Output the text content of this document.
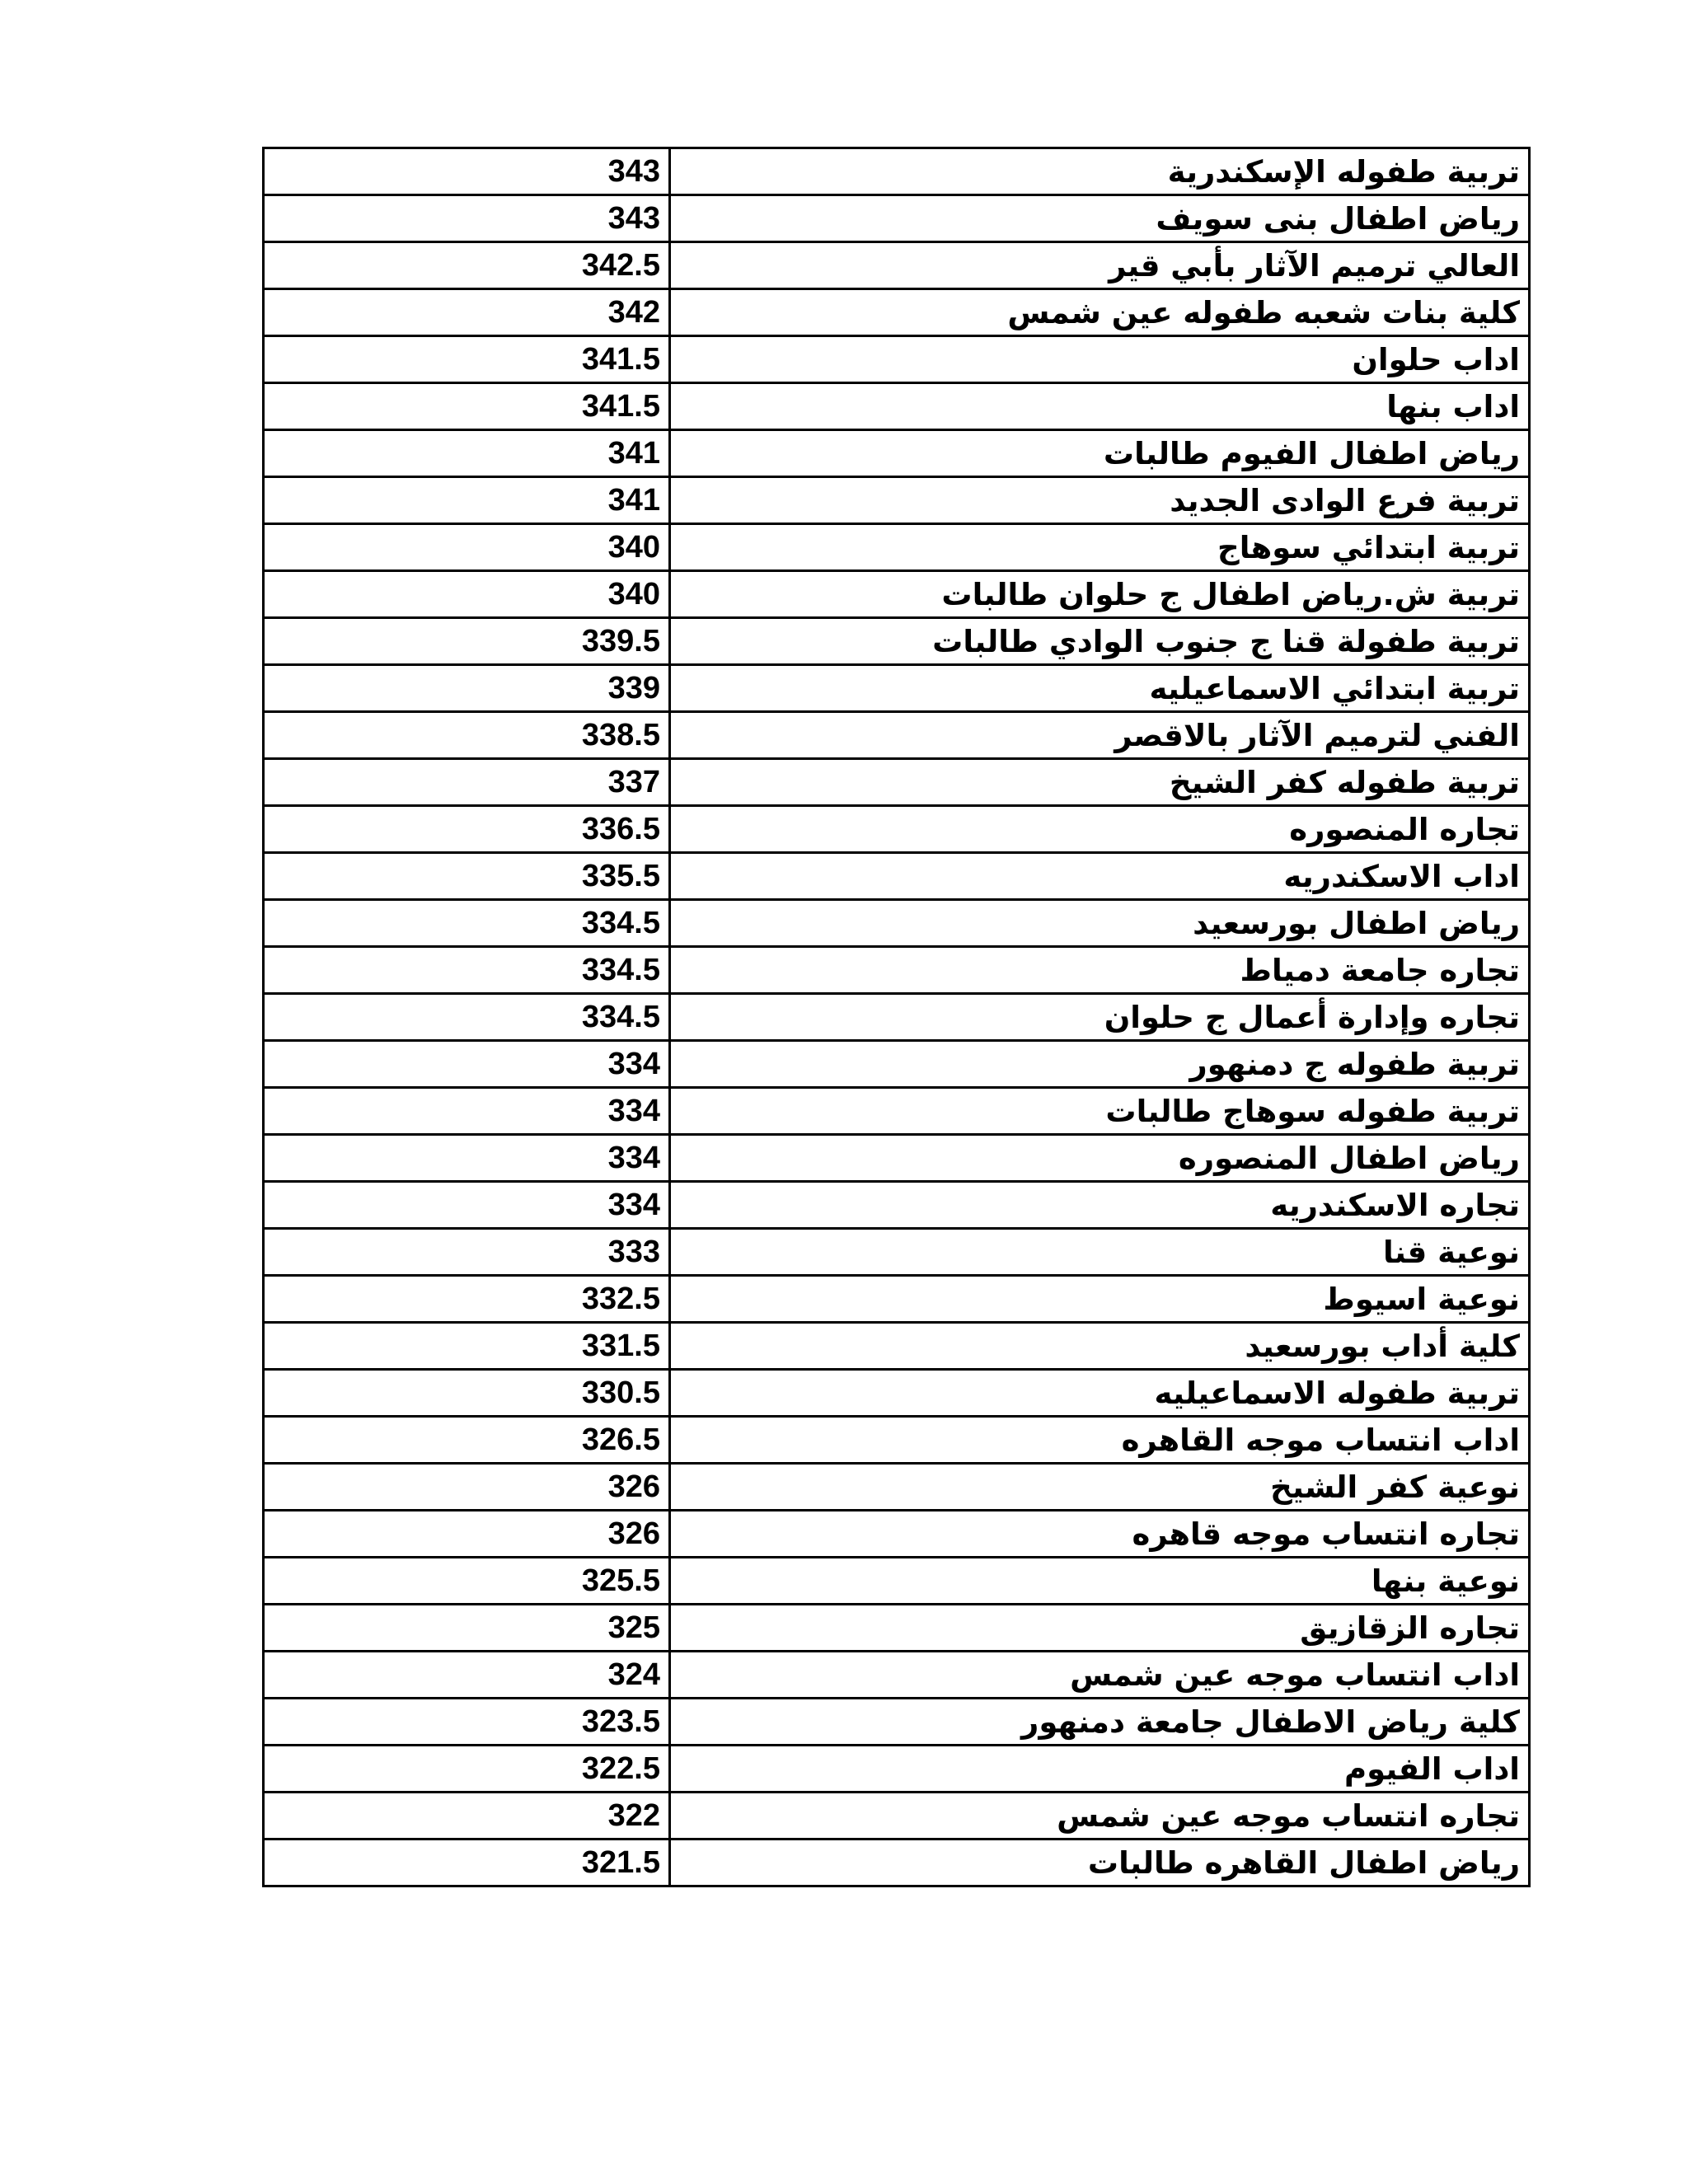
343	تربية طفوله الإسكندرية
343	رياض اطفال بنى سويف
342.5	العالي ترميم الآثار بأبي قير
342	كلية بنات شعبه طفوله عين شمس
341.5	اداب حلوان
341.5	اداب بنها
341	رياض اطفال الفيوم طالبات
341	تربية فرع الوادى الجديد
340	تربية ابتدائي سوهاج
340	تربية ش.رياض اطفال ج حلوان طالبات
339.5	تربية طفولة قنا ج جنوب الوادي طالبات
339	تربية ابتدائي الاسماعيليه
338.5	الفني لترميم الآثار بالاقصر
337	تربية طفوله كفر الشيخ
336.5	تجاره المنصوره
335.5	اداب الاسكندريه
334.5	رياض اطفال بورسعيد
334.5	تجاره جامعة دمياط
334.5	تجاره وإدارة أعمال ج حلوان
334	تربية طفوله ج دمنهور
334	تربية طفوله سوهاج طالبات
334	رياض اطفال المنصوره
334	تجاره الاسكندريه
333	نوعية قنا
332.5	نوعية اسيوط
331.5	كلية أداب بورسعيد
330.5	تربية طفوله الاسماعيليه
326.5	اداب انتساب موجه القاهره
326	نوعية كفر الشيخ
326	تجاره انتساب موجه قاهره
325.5	نوعية بنها
325	تجاره الزقازيق
324	اداب انتساب موجه عين شمس
323.5	كلية رياض الاطفال جامعة دمنهور
322.5	اداب الفيوم
322	تجاره انتساب موجه عين شمس
321.5	رياض اطفال القاهره طالبات
